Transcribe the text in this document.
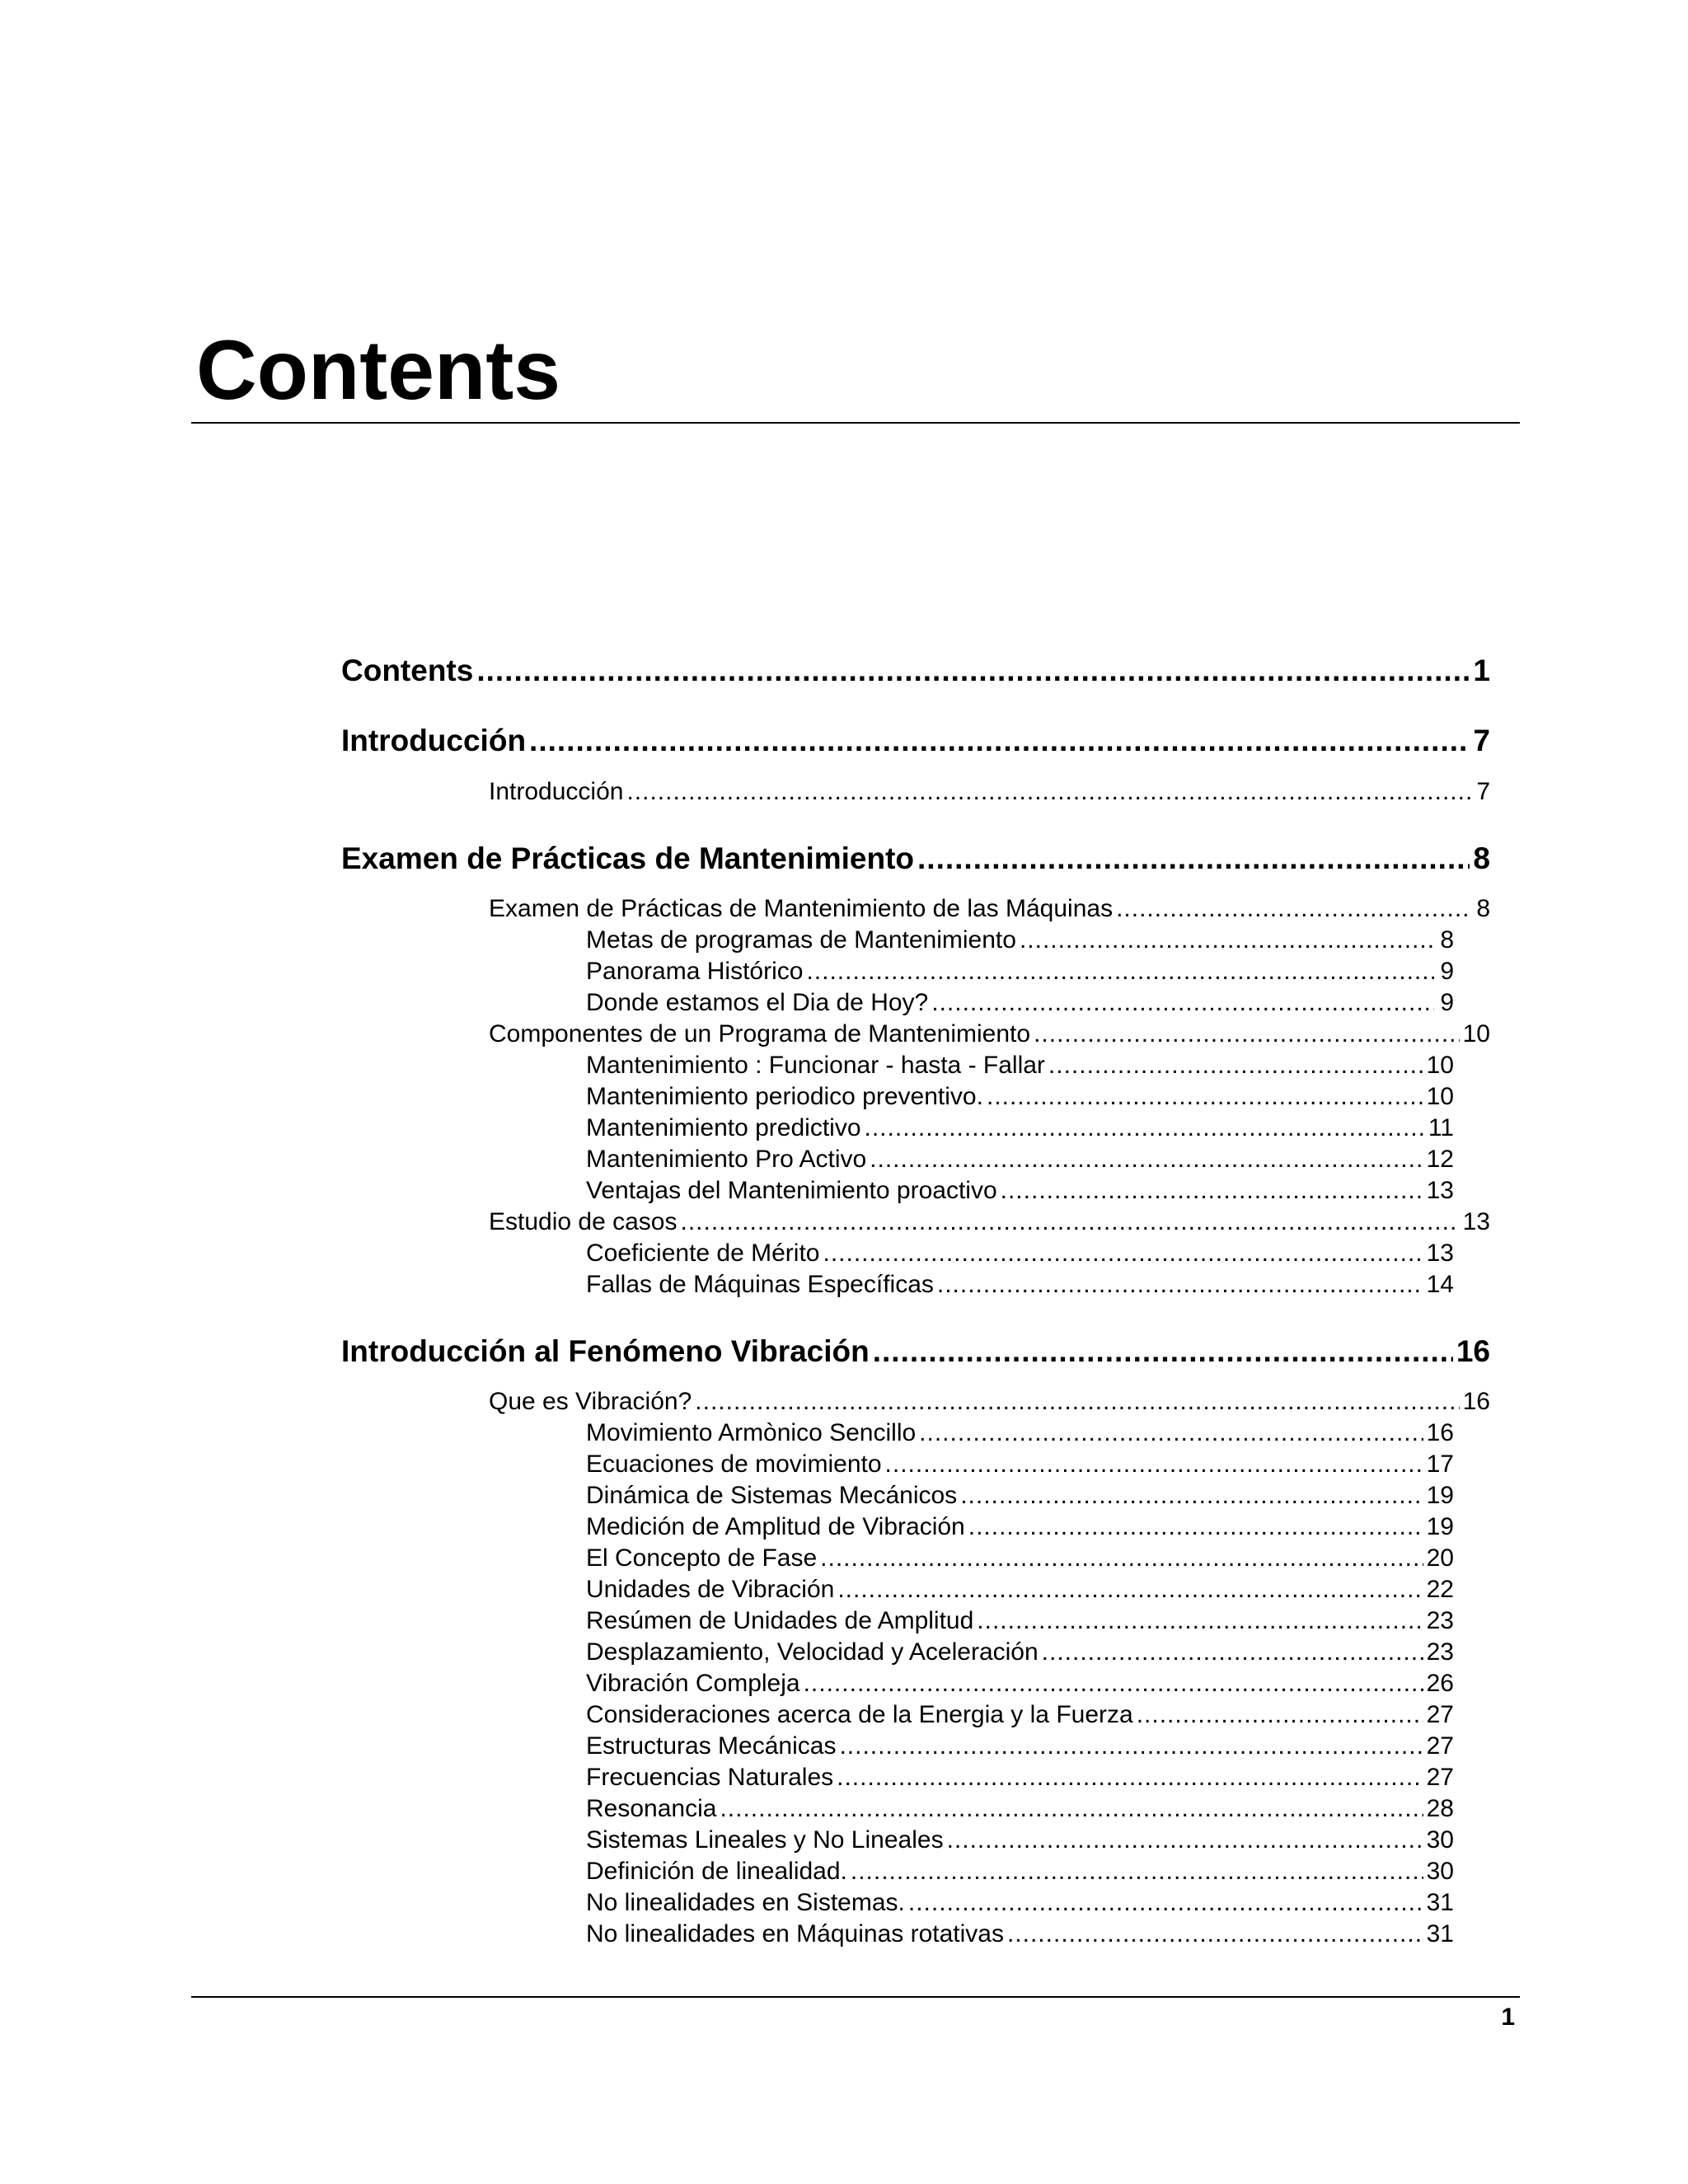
Contents
Contents .....	1
Introducción .....	7
Introducción .....	7
Examen de Prácticas de Mantenimiento .....	8
Examen de Prácticas de Mantenimiento de las Máquinas .....	8
Metas de programas de Mantenimiento .....	8
Panorama Histórico .....	9
Donde estamos el Dia de Hoy? .....	9
Componentes de un Programa de Mantenimiento .....	10
Mantenimiento : Funcionar - hasta - Fallar .....	10
Mantenimiento periodico preventivo. .....	10
Mantenimiento predictivo .....	11
Mantenimiento Pro Activo .....	12
Ventajas del Mantenimiento proactivo .....	13
Estudio de casos .....	13
Coeficiente de Mérito .....	13
Fallas de Máquinas Específicas .....	14
Introducción al Fenómeno Vibración .....	16
Que es Vibración? .....	16
Movimiento Armònico Sencillo .....	16
Ecuaciones de movimiento .....	17
Dinámica de Sistemas Mecánicos .....	19
Medición de Amplitud de Vibración .....	19
El Concepto de Fase .....	20
Unidades de Vibración .....	22
Resúmen de Unidades de Amplitud .....	23
Desplazamiento, Velocidad y Aceleración .....	23
Vibración Compleja .....	26
Consideraciones acerca de la Energia y la Fuerza .....	27
Estructuras Mecánicas .....	27
Frecuencias Naturales .....	27
Resonancia .....	28
Sistemas Lineales y No Lineales .....	30
Definición de linealidad. .....	30
No linealidades en Sistemas. .....	31
No linealidades en Máquinas rotativas .....	31
1
